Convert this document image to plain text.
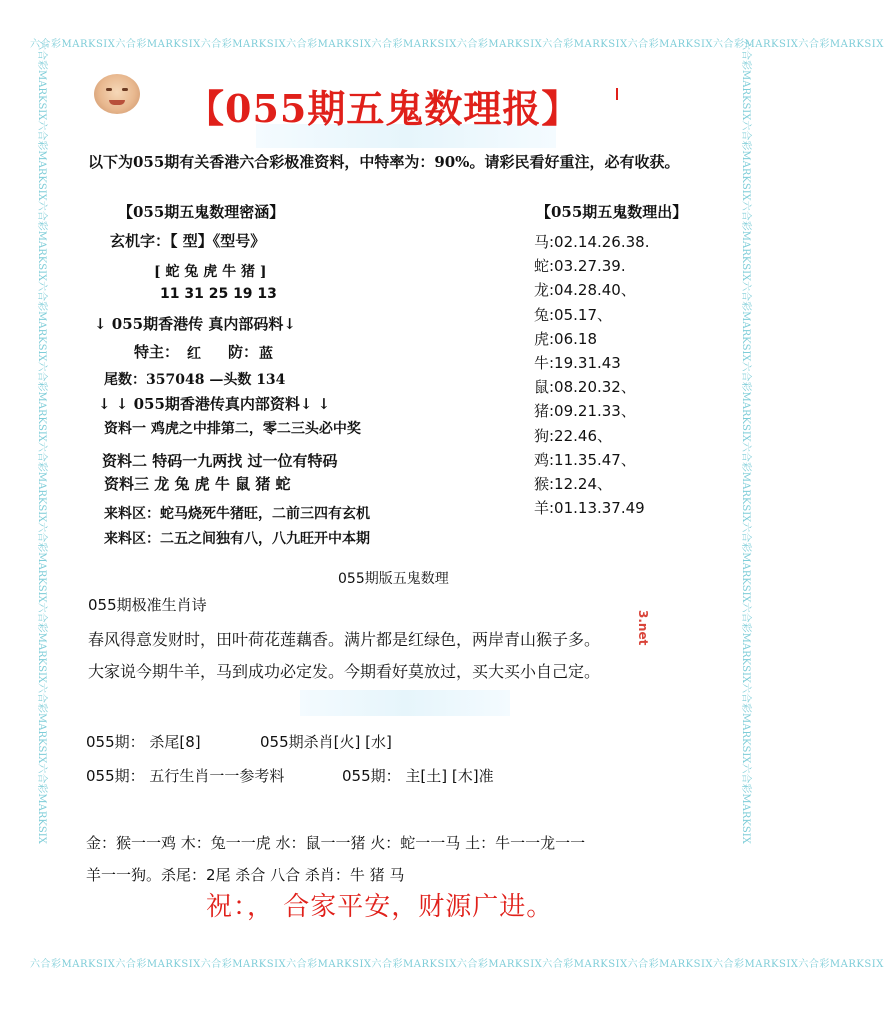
六合彩MARKSIX六合彩MARKSIX六合彩MARKSIX六合彩MARKSIX六合彩MARKSIX六合彩MARKSIX六合彩MARKSIX六合彩MARKSIX六合彩MARKSIX六合彩MARKSIX
六合彩MARKSIX六合彩MARKSIX六合彩MARKSIX六合彩MARKSIX六合彩MARKSIX六合彩MARKSIX六合彩MARKSIX六合彩MARKSIX六合彩MARKSIX六合彩MARKSIX
六合彩MARKSIX六合彩MARKSIX六合彩MARKSIX六合彩MARKSIX六合彩MARKSIX六合彩MARKSIX六合彩MARKSIX六合彩MARKSIX六合彩MARKSIX六合彩MARKSIX	六合彩MARKSIX六合彩MARKSIX六合彩MARKSIX六合彩MARKSIX六合彩MARKSIX六合彩MARKSIX六合彩MARKSIX六合彩MARKSIX六合彩MARKSIX六合彩MARKSIX
【055期五鬼数理报】
以下为055期有关香港六合彩极准资料，中特率为：90%。请彩民看好重注，必有收获。
【055期五鬼数理密涵】
玄机字：【 型】《型号》
[ 蛇 兔 虎 牛 猪 ]
11 31 25 19 13
↓ 055期香港传 真内部码料↓
特主： 红 防： 蓝
尾数：357048 —头数 134
↓ ↓ 055期香港传真内部资料↓ ↓
资料一 鸡虎之中排第二，零二三头必中奖
资料二 特码一九两找 过一位有特码
资料三 龙 兔 虎 牛 鼠 猪 蛇
来料区：蛇马烧死牛猪旺，二前三四有玄机
来料区：二五之间独有八，八九旺开中本期
【055期五鬼数理出】
马:02.14.26.38.
蛇:03.27.39.
龙:04.28.40、
兔:05.17、
虎:06.18
牛:19.31.43
鼠:08.20.32、
猪:09.21.33、
狗:22.46、
鸡:11.35.47、
猴:12.24、
羊:01.13.37.49
055期版五鬼数理
055期极准生肖诗
春风得意发财时，田叶荷花莲藕香。满片都是红绿色，两岸青山猴子多。
大家说今期牛羊，马到成功必定发。今期看好莫放过，买大买小自己定。
3.net
055期： 杀尾[8]	055期杀肖[火] [水]
055期： 五行生肖一一参考料	055期： 主[土] [木]准
金：猴一一鸡 木：兔一一虎 水：鼠一一猪 火：蛇一一马 土：牛一一龙一一
羊一一狗。杀尾：2尾 杀合 八合 杀肖：牛 猪 马
祝：， 合家平安，财源广进。
